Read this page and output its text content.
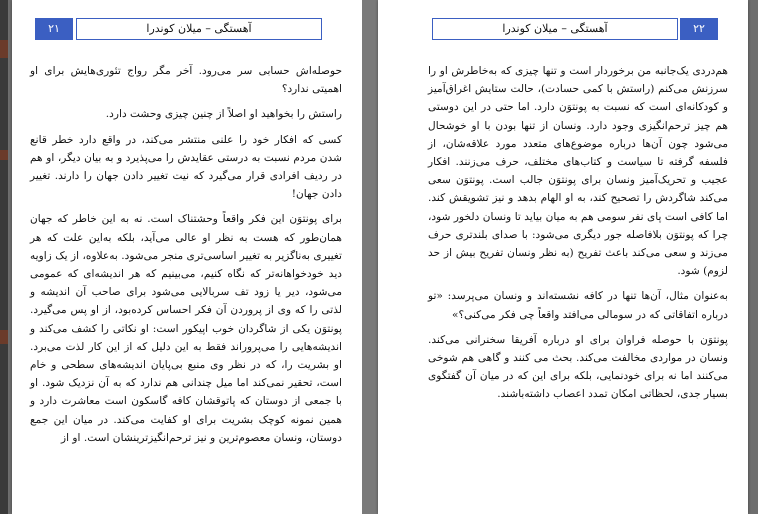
۲۱	آهستگی – میلان کوندرا

حوصله‌اش حسابی سر می‌رود. آخر مگر رواج تئوری‌هایش برای او اهمیتی ندارد؟

راستش را بخواهید او اصلاً از چنین چیزی وحشت دارد.

کسی که افکار خود را علنی منتشر می‌کند، در واقع دارد خطر قانع شدن مردم نسبت به درستی عقایدش را می‌پذیرد و به بیان دیگر، او هم در ردیف افرادی قرار می‌گیرد که نیت تغییر دادن جهان را دارند. تغییر دادن جهان!

برای پونتوَن این فکر واقعاً وحشتناک است. نه به این خاطر که جهان همان‌طور که هست به نظر او عالی می‌آید، بلکه به‌این علت که هر تغییری به‌ناگزیر به تغییر اساسی‌تری منجر می‌شود. به‌علاوه، از یک زاویه دید خودخواهانه‌تر که نگاه کنیم، می‌بینیم که هر اندیشه‌ای که عمومی می‌شود، دیر یا زود تف سربالایی می‌شود برای صاحب آن اندیشه و لذتی را که وی از پروردن آن فکر احساس کرده‌بود، از او پس می‌گیرد. پونتوَن یکی از شاگردان خوب اپیکور است: او نکاتی را کشف می‌کند و اندیشه‌هایی را می‌پروراند فقط به این دلیل که از این کار لذت می‌برد. او بشریت را، که در نظر وی منبع بی‌پایان اندیشه‌های سطحی و خام است، تحقیر نمی‌کند اما میل چندانی هم ندارد که به آن نزدیک شود. او با جمعی از دوستان که پاتوقشان کافه گاسکون است معاشرت دارد و همین نمونه کوچک بشریت برای او کفایت می‌کند. در میان این جمع دوستان، ونسان معصوم‌ترین و نیز ترحم‌انگیزترینشان است. او از

آهستگی – میلان کوندرا	۲۲

هم‌دردی یک‌جانبه من برخوردار است و تنها چیزی که به‌خاطرش او را سرزنش می‌کنم (راستش با کمی حسادت)، حالت ستایش اغراق‌آمیز و کودکانه‌ای است که نسبت به پونتوَن دارد. اما حتی در این دوستی هم چیز ترحم‌انگیزی وجود دارد. ونسان از تنها بودن با او خوشحال می‌شود چون آن‌ها درباره موضوع‌های متعدد مورد علاقه‌شان، از فلسفه گرفته تا سیاست و کتاب‌های مختلف، حرف می‌زنند. افکار عجیب و تحریک‌آمیز ونسان برای پونتوَن جالب است. پونتوَن سعی می‌کند شاگردش را تصحیح کند، به او الهام بدهد و نیز تشویقش کند. اما کافی است پای نفر سومی هم به میان بیاید تا ونسان دلخور شود، چرا که پونتوَن بلافاصله جور دیگری می‌شود: با صدای بلندتری حرف می‌زند و سعی می‌کند باعث تفریح (به نظر ونسان تفریح بیش از حد لزوم) شود.

به‌عنوان مثال، آن‌ها تنها در کافه نشسته‌اند و ونسان می‌پرسد: «تو درباره اتفاقاتی که در سومالی می‌افتد واقعاً چی فکر می‌کنی؟»

پونتوَن با حوصله فراوان برای او درباره آفریقا سخنرانی می‌کند. ونسان در مواردی مخالفت می‌کند. بحث می کنند و گاهی هم شوخی می‌کنند اما نه برای خودنمایی، بلکه برای این که در میان آن گفتگوی بسیار جدی، لحظاتی امکان تمدد اعصاب داشته‌باشند.
